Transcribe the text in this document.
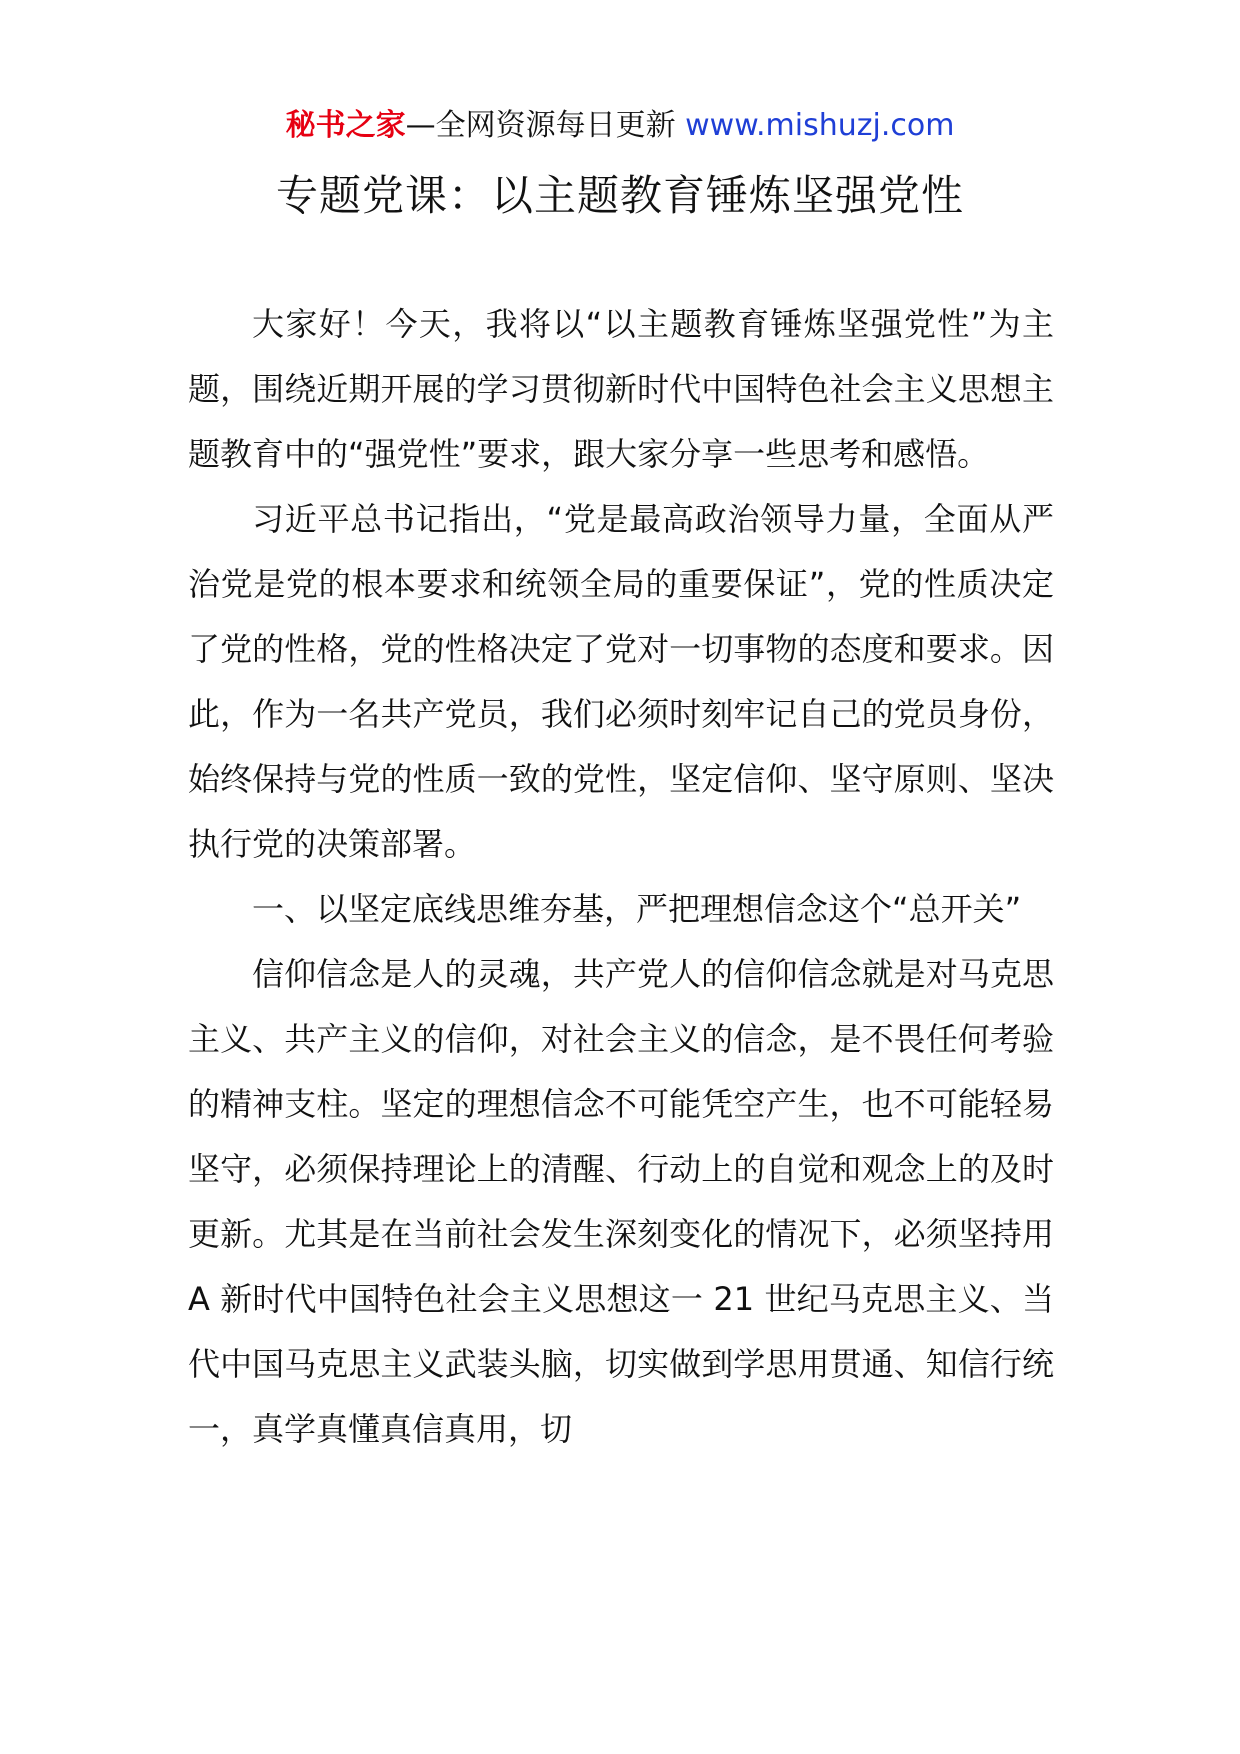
秘书之家—全网资源每日更新 www.mishuzj.com
专题党课：以主题教育锤炼坚强党性

大家好！今天，我将以“以主题教育锤炼坚强党性”为主题，围绕近期开展的学习贯彻新时代中国特色社会主义思想主题教育中的“强党性”要求，跟大家分享一些思考和感悟。

习近平总书记指出，“党是最高政治领导力量，全面从严治党是党的根本要求和统领全局的重要保证”，党的性质决定了党的性格，党的性格决定了党对一切事物的态度和要求。因此，作为一名共产党员，我们必须时刻牢记自己的党员身份，始终保持与党的性质一致的党性，坚定信仰、坚守原则、坚决执行党的决策部署。

一、以坚定底线思维夯基，严把理想信念这个“总开关”

信仰信念是人的灵魂，共产党人的信仰信念就是对马克思主义、共产主义的信仰，对社会主义的信念，是不畏任何考验的精神支柱。坚定的理想信念不可能凭空产生，也不可能轻易坚守，必须保持理论上的清醒、行动上的自觉和观念上的及时更新。尤其是在当前社会发生深刻变化的情况下，必须坚持用 A 新时代中国特色社会主义思想这一 21 世纪马克思主义、当代中国马克思主义武装头脑，切实做到学思用贯通、知信行统一，真学真懂真信真用，切
